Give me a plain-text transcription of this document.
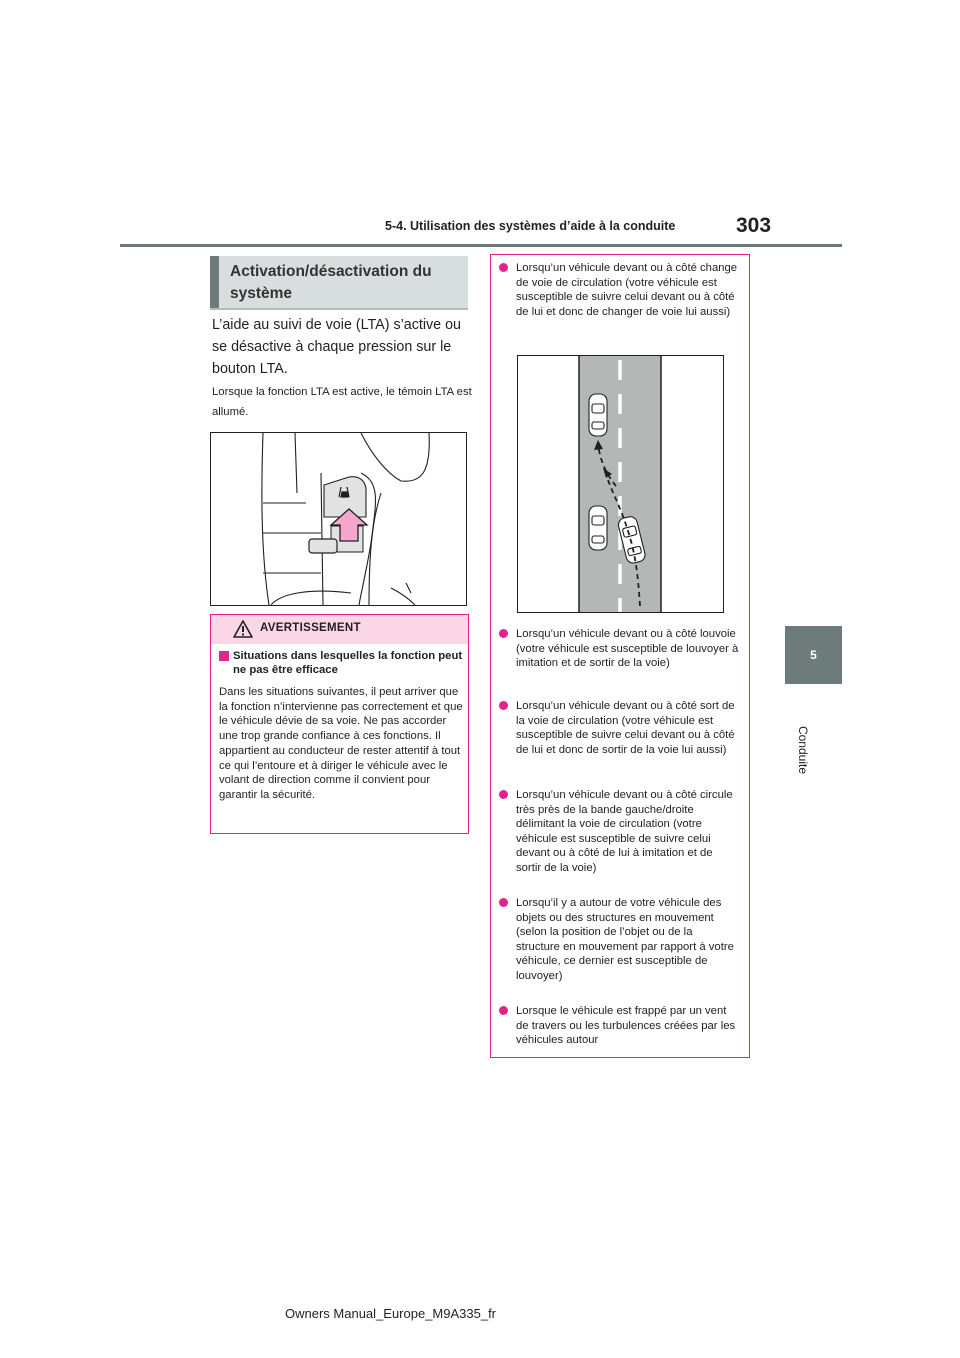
5-4. Utilisation des systèmes d’aide à la conduite	303
5
Conduite
Activation/désactivation du
système
L’aide au suivi de voie (LTA) s’active ou se désactive à chaque pression sur le bouton LTA.
Lorsque la fonction LTA est active, le témoin LTA est allumé.
AVERTISSEMENT
Situations dans lesquelles la fonction peut ne pas être efficace
Dans les situations suivantes, il peut arriver que la fonction n’intervienne pas correctement et que le véhicule dévie de sa voie. Ne pas accorder une trop grande confiance à ces fonctions. Il appartient au conducteur de rester attentif à tout ce qui l’entoure et à diriger le véhicule avec le volant de direction comme il convient pour garantir la sécurité.
Lorsqu’un véhicule devant ou à côté change de voie de circulation (votre véhicule est susceptible de suivre celui devant ou à côté de lui et donc de changer de voie lui aussi)
Lorsqu’un véhicule devant ou à côté louvoie (votre véhicule est susceptible de louvoyer à imitation et de sortir de la voie)
Lorsqu’un véhicule devant ou à côté sort de la voie de circulation (votre véhicule est susceptible de suivre celui devant ou à côté de lui et donc de sortir de la voie lui aussi)
Lorsqu’un véhicule devant ou à côté circule très près de la bande gauche/droite délimitant la voie de circulation (votre véhicule est susceptible de suivre celui devant ou à côté de lui à imitation et de sortir de la voie)
Lorsqu’il y a autour de votre véhicule des objets ou des structures en mouvement (selon la position de l’objet ou de la structure en mouvement par rapport à votre véhicule, ce dernier est susceptible de louvoyer)
Lorsque le véhicule est frappé par un vent de travers ou les turbulences créées par les véhicules autour
Owners Manual_Europe_M9A335_fr
